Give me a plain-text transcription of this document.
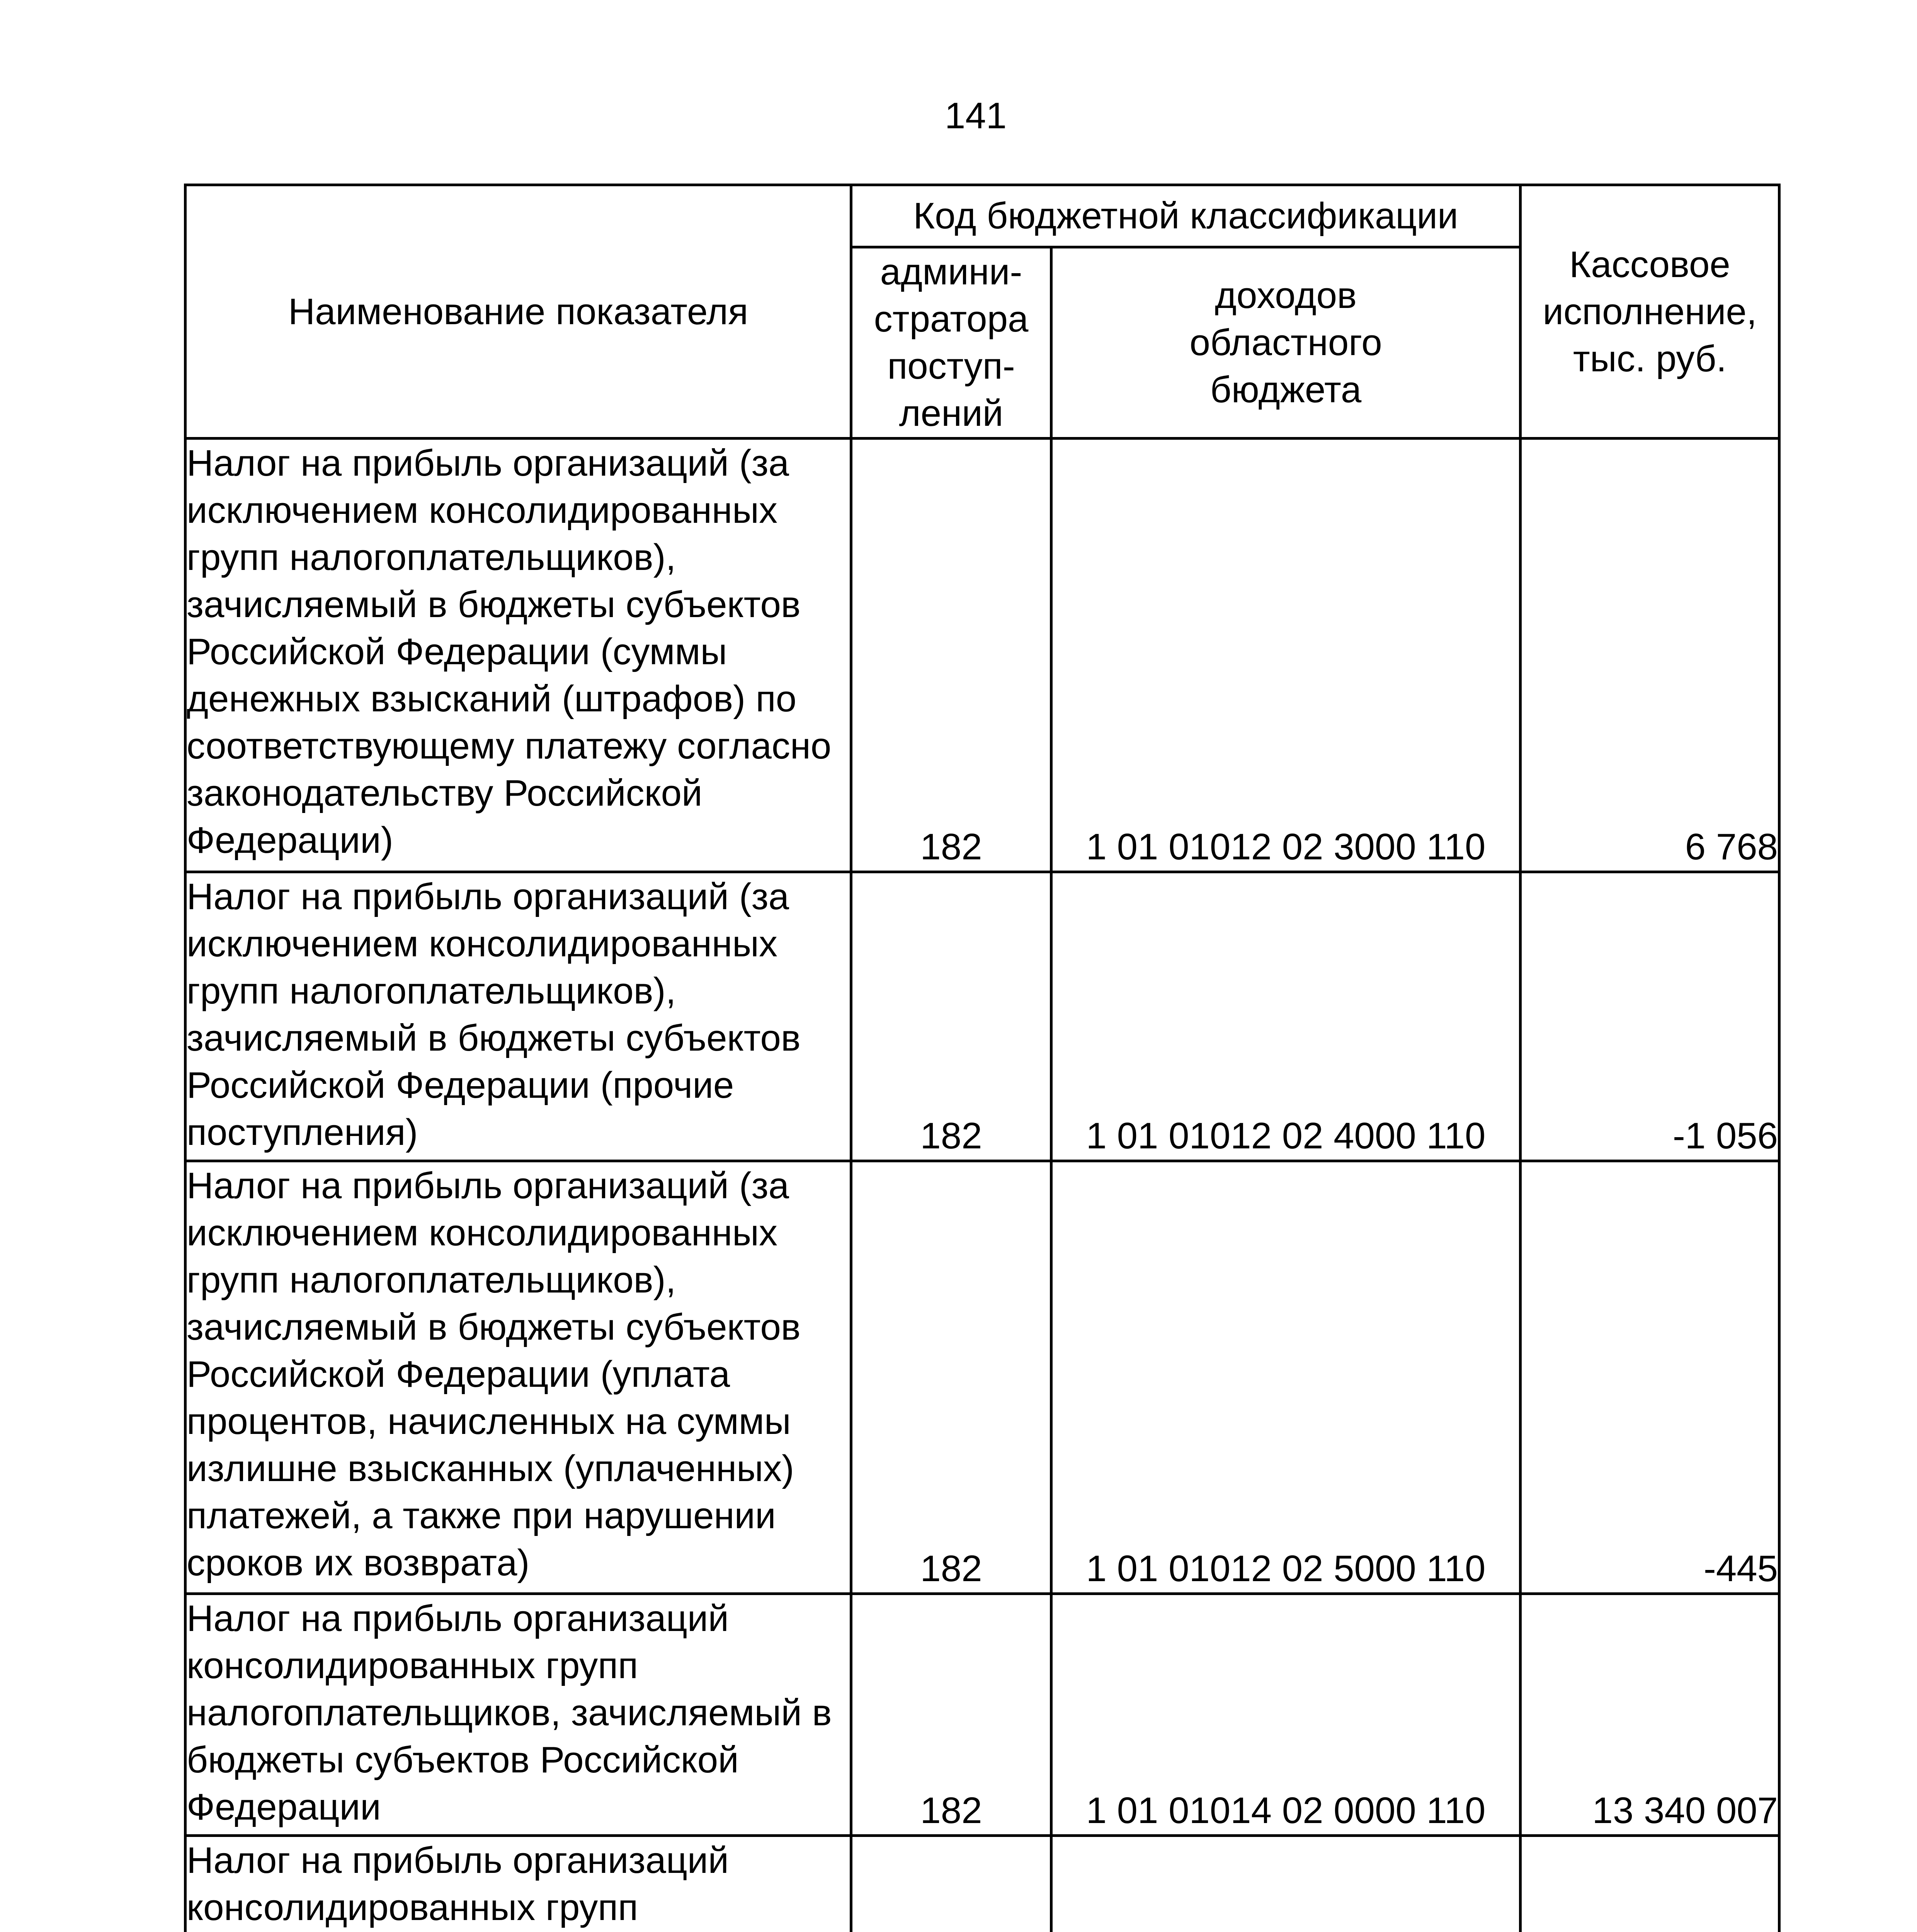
141
Наименование показателя	Код бюджетной классификации		Кассовое
исполнение,
тыс. руб.

	админи-
стратора
поступ-
лений	доходов
областного
бюджета	

Налог на прибыль организаций (за исключением консолидированных групп налогоплательщиков), зачисляемый в бюджеты субъектов Российской Федерации (суммы денежных взысканий (штрафов) по соответствующему платежу согласно законодательству Российской Федерации)	182	1 01 01012 02 3000 110	6 768
Налог на прибыль организаций (за исключением консолидированных групп налогоплательщиков), зачисляемый в бюджеты субъектов Российской Федерации (прочие поступления)	182	1 01 01012 02 4000 110	-1 056
Налог на прибыль организаций (за исключением консолидированных групп налогоплательщиков), зачисляемый в бюджеты субъектов Российской Федерации (уплата процентов, начисленных на суммы излишне взысканных (уплаченных) платежей, а также при нарушении сроков их возврата)	182	1 01 01012 02 5000 110	-445
Налог на прибыль организаций консолидированных групп налогоплательщиков, зачисляемый в бюджеты субъектов Российской Федерации	182	1 01 01014 02 0000 110	13 340 007
Налог на прибыль организаций консолидированных групп			
